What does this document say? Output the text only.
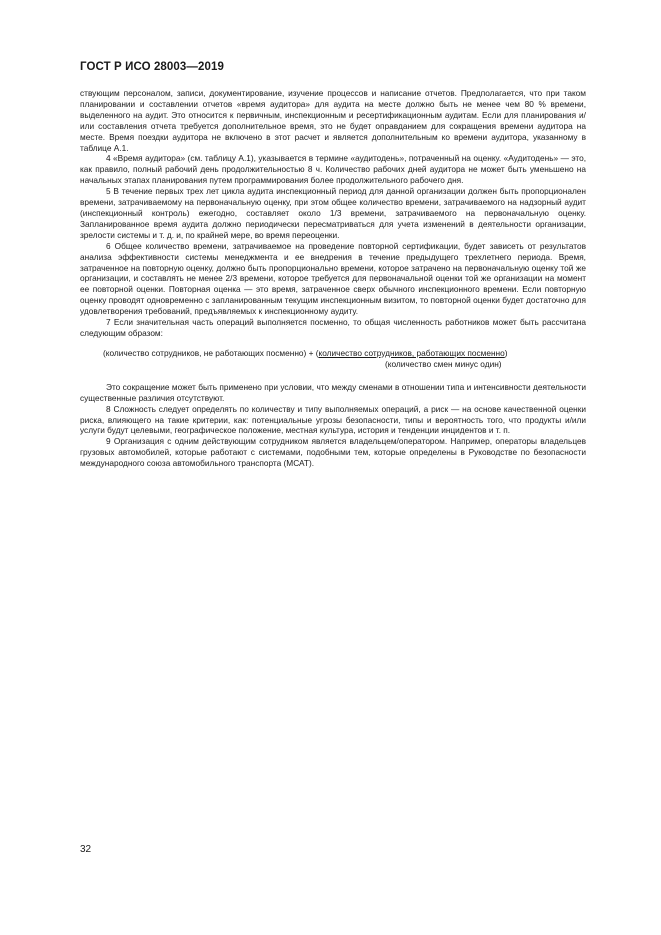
ГОСТ Р ИСО 28003—2019

ствующим персоналом, записи, документирование, изучение процессов и написание отчетов. Предполагается, что при таком планировании и составлении отчетов «время аудитора» для аудита на месте должно быть не менее чем 80 % времени, выделенного на аудит. Это относится к первичным, инспекционным и ресертификационным аудитам. Если для планирования и/или составления отчета требуется дополнительное время, это не будет оправданием для сокращения времени аудитора на месте. Время поездки аудитора не включено в этот расчет и является дополнительным ко времени аудитора, указанному в таблице А.1.

4 «Время аудитора» (см. таблицу А.1), указывается в термине «аудитодень», потраченный на оценку. «Аудитодень» — это, как правило, полный рабочий день продолжительностью 8 ч. Количество рабочих дней аудитора не может быть уменьшено на начальных этапах планирования путем программирования более продолжительного рабочего дня.

5 В течение первых трех лет цикла аудита инспекционный период для данной организации должен быть пропорционален времени, затрачиваемому на первоначальную оценку, при этом общее количество времени, затрачиваемого на надзорный аудит (инспекционный контроль) ежегодно, составляет около 1/3 времени, затрачиваемого на первоначальную оценку. Запланированное время аудита должно периодически пересматриваться для учета изменений в деятельности организации, зрелости системы и т. д. и, по крайней мере, во время переоценки.

6 Общее количество времени, затрачиваемое на проведение повторной сертификации, будет зависеть от результатов анализа эффективности системы менеджмента и ее внедрения в течение предыдущего трехлетнего периода. Время, затраченное на повторную оценку, должно быть пропорционально времени, которое затрачено на первоначальную оценку той же организации, и составлять не менее 2/3 времени, которое требуется для первоначальной оценки той же организации на момент ее повторной оценки. Повторная оценка — это время, затраченное сверх обычного инспекционного времени. Если повторную оценку проводят одновременно с запланированным текущим инспекционным визитом, то повторной оценки будет достаточно для удовлетворения требований, предъявляемых к инспекционному аудиту.

7 Если значительная часть операций выполняется посменно, то общая численность работников может быть рассчитана следующим образом:

(количество сотрудников, не работающих посменно) + (количество сотрудников, работающих посменно)
(количество смен минус один)

Это сокращение может быть применено при условии, что между сменами в отношении типа и интенсивности деятельности существенные различия отсутствуют.

8 Сложность следует определять по количеству и типу выполняемых операций, а риск — на основе качественной оценки риска, влияющего на такие критерии, как: потенциальные угрозы безопасности, типы и вероятность того, что продукты и/или услуги будут целевыми, географическое положение, местная культура, история и тенденции инцидентов и т. п.

9 Организация с одним действующим сотрудником является владельцем/оператором. Например, операторы владельцев грузовых автомобилей, которые работают с системами, подобными тем, которые определены в Руководстве по безопасности международного союза автомобильного транспорта (МСАТ).

32
